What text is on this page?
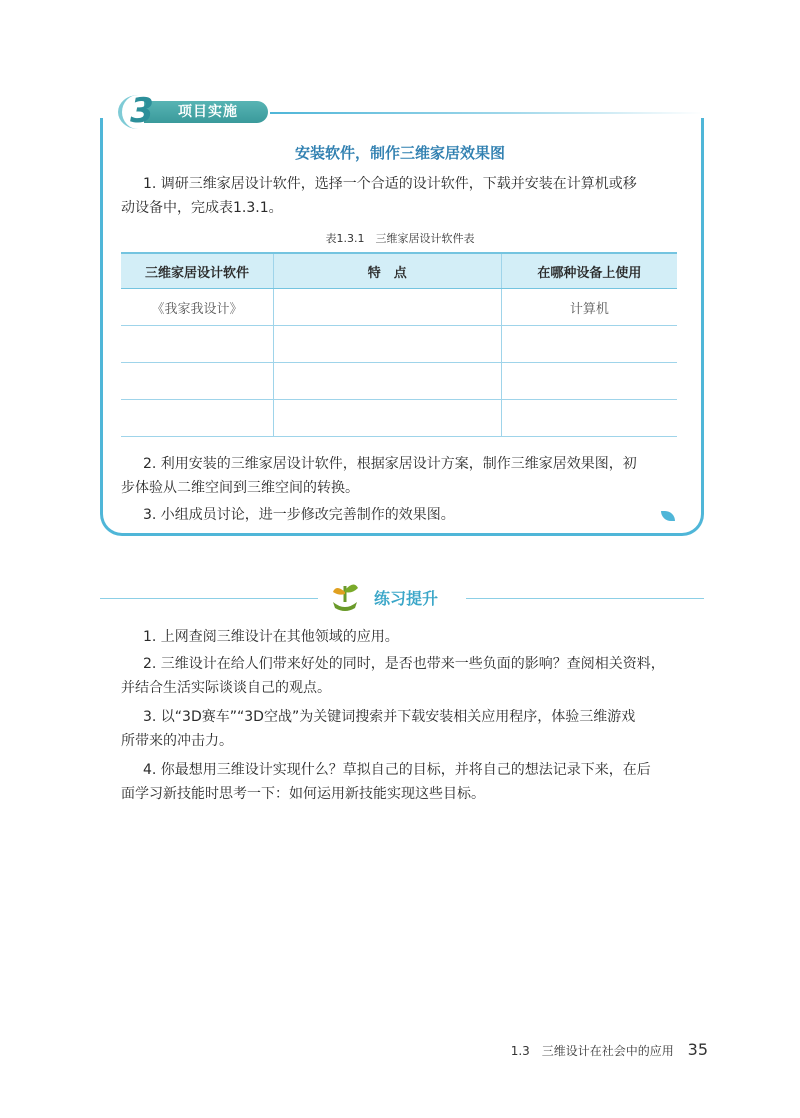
项目实施
3
安装软件，制作三维家居效果图
1. 调研三维家居设计软件，选择一个合适的设计软件，下载并安装在计算机或移
动设备中，完成表1.3.1。
表1.3.1　三维家居设计软件表
三维家居设计软件	特　点	在哪种设备上使用
《我家我设计》		计算机

2. 利用安装的三维家居设计软件，根据家居设计方案，制作三维家居效果图，初
步体验从二维空间到三维空间的转换。
3. 小组成员讨论，进一步修改完善制作的效果图。
练习提升
1. 上网查阅三维设计在其他领域的应用。
2. 三维设计在给人们带来好处的同时，是否也带来一些负面的影响？查阅相关资料，
并结合生活实际谈谈自己的观点。
3. 以“3D赛车”“3D空战”为关键词搜索并下载安装相关应用程序，体验三维游戏
所带来的冲击力。
4. 你最想用三维设计实现什么？草拟自己的目标，并将自己的想法记录下来，在后
面学习新技能时思考一下：如何运用新技能实现这些目标。
1.3　三维设计在社会中的应用 35
